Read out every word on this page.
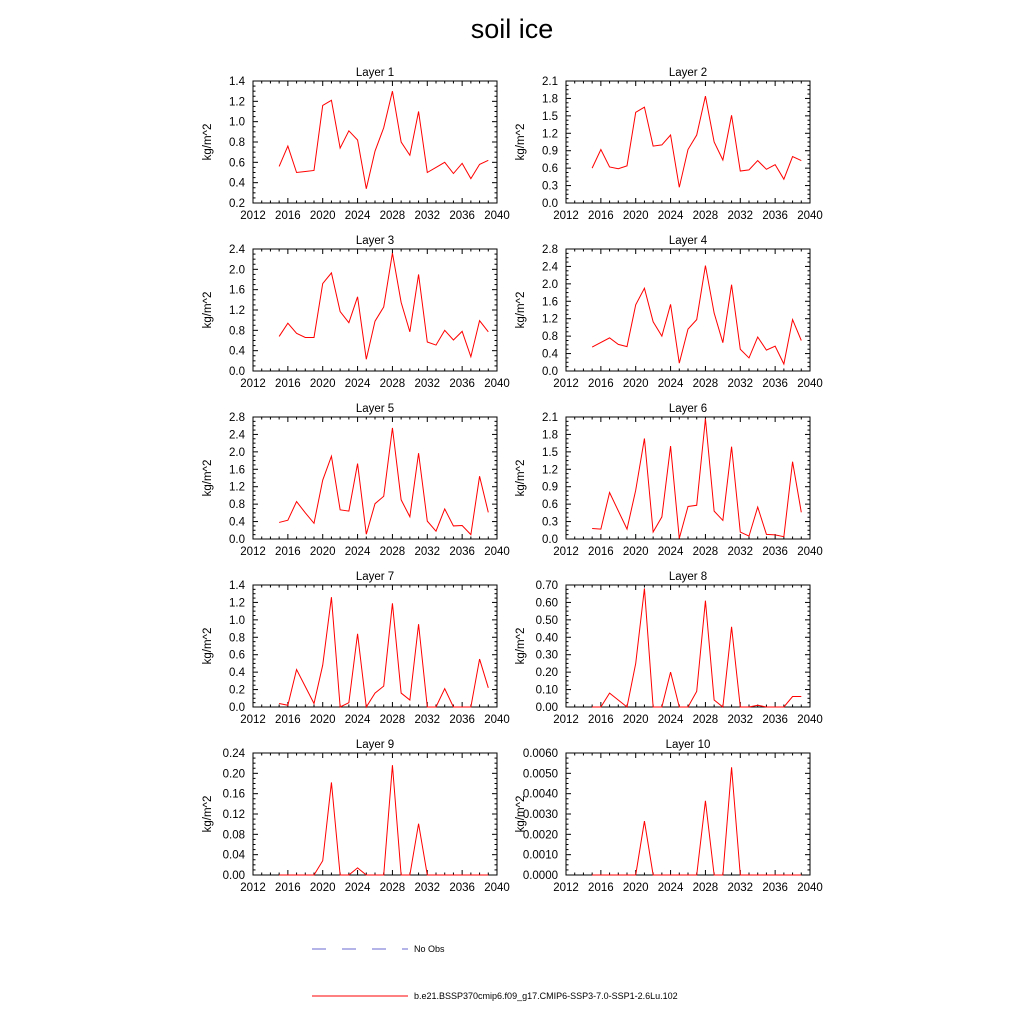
soil ice
2012 2016 2020 2024 2028 2032 2036 2040
0.2
0.4
0.6
0.8
1.0
1.2
1.4
Layer 1
kg/m^2
2012 2016 2020 2024 2028 2032 2036 2040
0.0
0.3
0.6
0.9
1.2
1.5
1.8
2.1
Layer 2
kg/m^2
2012 2016 2020 2024 2028 2032 2036 2040
0.0
0.4
0.8
1.2
1.6
2.0
2.4
Layer 3
kg/m^2
2012 2016 2020 2024 2028 2032 2036 2040
0.0
0.4
0.8
1.2
1.6
2.0
2.4
2.8
Layer 4
kg/m^2
2012 2016 2020 2024 2028 2032 2036 2040
0.0
0.4
0.8
1.2
1.6
2.0
2.4
2.8
Layer 5
kg/m^2
2012 2016 2020 2024 2028 2032 2036 2040
0.0
0.3
0.6
0.9
1.2
1.5
1.8
2.1
Layer 6
kg/m^2
2012 2016 2020 2024 2028 2032 2036 2040
0.0
0.2
0.4
0.6
0.8
1.0
1.2
1.4
Layer 7
kg/m^2
2012 2016 2020 2024 2028 2032 2036 2040
0.00
0.10
0.20
0.30
0.40
0.50
0.60
0.70
Layer 8
kg/m^2
2012 2016 2020 2024 2028 2032 2036 2040
0.00
0.04
0.08
0.12
0.16
0.20
0.24
Layer 9
kg/m^2
2012 2016 2020 2024 2028 2032 2036 2040
0.0000
0.0010
0.0020
0.0030
0.0040
0.0050
0.0060
Layer 10
kg/m^2
No Obs
b.e21.BSSP370cmip6.f09_g17.CMIP6-SSP3-7.0-SSP1-2.6Lu.102
